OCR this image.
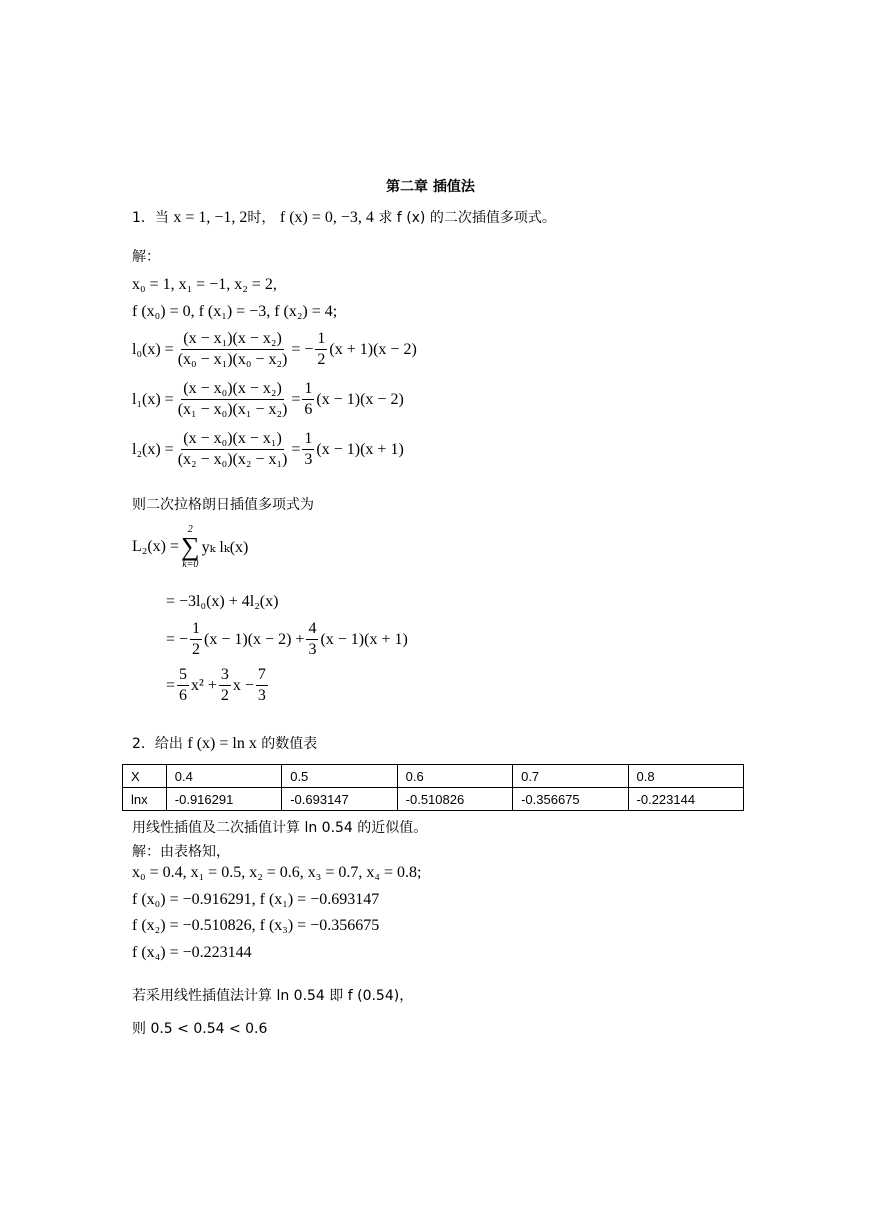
第二章 插值法
1．当 x = 1, −1, 2时， f (x) = 0, −3, 4 求 f (x) 的二次插值多项式。
解：
x₀ = 1, x₁ = −1, x₂ = 2,
f (x₀) = 0, f (x₁) = −3, f (x₂) = 4;
$l_0(x) = \frac{\text{(x − x₁)(x − x₂)}}{\text{(x₀ − x₁)(x₀ − x₂)}}$ = − $\frac{1}{2} (x + 1)(x - 2)$
$l_1(x) = \frac{\text{(x − x₀)(x − x₂)}}{\text{(x₁ − x₀)(x₁ − x₂)}} = \frac{1}{6} (x - 1)(x - 2)$
$l_2(x) = \frac{\text{(x − x₀)(x − x₁)}}{\text{(x₂ − x₀)(x₂ − x₁)}} = \frac{1}{3} (x - 1)(x + 1)$
则二次拉格朗日插值多项式为
L₂(x) =
2
∑
k=0
yₖ lₖ(x)
= −3l₀(x) + 4l₂(x)
= − $\frac{1}{2} (x - 1)(x - 2) + \frac{4}{3} (x - 1)(x + 1)$
= $\frac{5}{6} x^2 + \frac{3}{2}$ $x - \frac{7}{3}$
2．给出 f (x) = ln x 的数值表
X	0.4	0.5	0.6	0.7	0.8
lnx	-0.916291	-0.693147	-0.510826	-0.356675	-0.223144
用线性插值及二次插值计算 ln 0.54 的近似值。
解：由表格知，
x₀ = 0.4, x₁ = 0.5, x₂ = 0.6, x₃ = 0.7, x₄ = 0.8;
f (x₀) = −0.916291, f (x₁) = −0.693147
f (x₂) = −0.510826, f (x₃) = −0.356675
f (x₄) = −0.223144
若采用线性插值法计算 ln 0.54 即 f (0.54)，
则 0.5 < 0.54 < 0.6
